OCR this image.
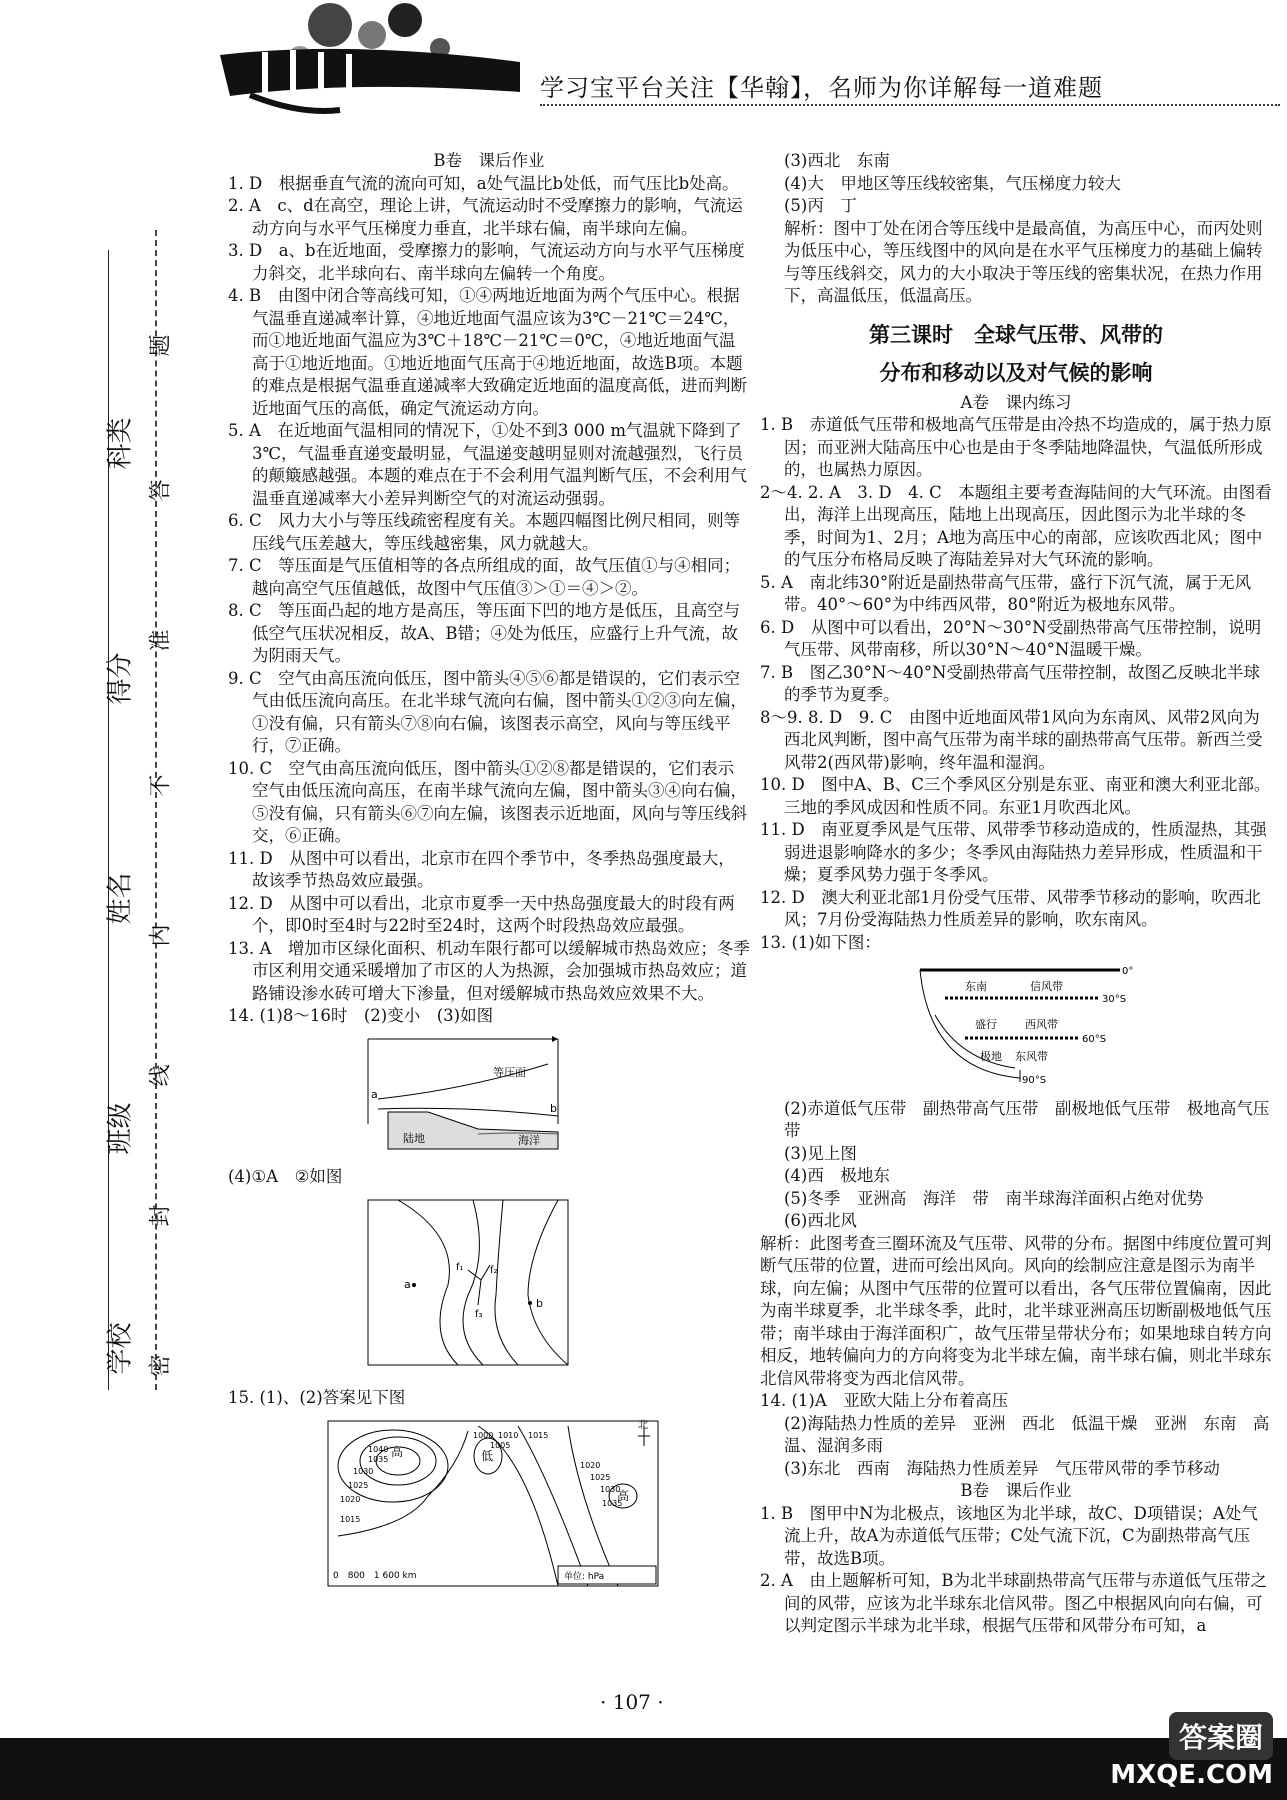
学习宝平台关注【华翰】，名师为你详解每一道难题
学校
班级
姓名
得分
科类
密
封
线
内
不
准
答
题

B卷　课后作业

1. D　根据垂直气流的流向可知，a处气温比b处低，而气压比b处高。

2. A　c、d在高空，理论上讲，气流运动时不受摩擦力的影响，气流运动方向与水平气压梯度力垂直，北半球右偏，南半球向左偏。

3. D　a、b在近地面，受摩擦力的影响，气流运动方向与水平气压梯度力斜交，北半球向右、南半球向左偏转一个角度。

4. B　由图中闭合等高线可知，①④两地近地面为两个气压中心。根据气温垂直递减率计算，④地近地面气温应该为3℃－21℃＝24℃，而①地近地面气温应为3℃＋18℃－21℃＝0℃，④地近地面气温高于①地近地面。①地近地面气压高于④地近地面，故选B项。本题的难点是根据气温垂直递减率大致确定近地面的温度高低，进而判断近地面气压的高低，确定气流运动方向。

5. A　在近地面气温相同的情况下，①处不到3 000 m气温就下降到了3℃，气温垂直递变最明显，气温递变越明显则对流越强烈，飞行员的颠簸感越强。本题的难点在于不会利用气温判断气压，不会利用气温垂直递减率大小差异判断空气的对流运动强弱。

6. C　风力大小与等压线疏密程度有关。本题四幅图比例尺相同，则等压线气压差越大，等压线越密集，风力就越大。

7. C　等压面是气压值相等的各点所组成的面，故气压值①与④相同；越向高空气压值越低，故图中气压值③＞①＝④＞②。

8. C　等压面凸起的地方是高压，等压面下凹的地方是低压，且高空与低空气压状况相反，故A、B错；④处为低压，应盛行上升气流，故为阴雨天气。

9. C　空气由高压流向低压，图中箭头④⑤⑥都是错误的，它们表示空气由低压流向高压。在北半球气流向右偏，图中箭头①②③向左偏，①没有偏，只有箭头⑦⑧向右偏，该图表示高空，风向与等压线平行，⑦正确。

10. C　空气由高压流向低压，图中箭头①②⑧都是错误的，它们表示空气由低压流向高压，在南半球气流向左偏，图中箭头③④向右偏，⑤没有偏，只有箭头⑥⑦向左偏，该图表示近地面，风向与等压线斜交，⑥正确。

11. D　从图中可以看出，北京市在四个季节中，冬季热岛强度最大，故该季节热岛效应最强。

12. D　从图中可以看出，北京市夏季一天中热岛强度最大的时段有两个，即0时至4时与22时至24时，这两个时段热岛效应最强。

13. A　增加市区绿化面积、机动车限行都可以缓解城市热岛效应；冬季市区利用交通采暖增加了市区的人为热源，会加强城市热岛效应；道路铺设渗水砖可增大下渗量，但对缓解城市热岛效应效果不大。

14. (1)8～16时　(2)变小　(3)如图

等压面
陆地	海洋
a
b

(4)①A　②如图

a
b
f₁	f₂
f₃

15. (1)、(2)答案见下图

高	低
高
北
0　800　1 600 km	单位: hPa
1040
1035
1030
1025
1020
1015
1000 1010 1015
1005
1020
1025
1030
1035

(3)西北　东南

(4)大　甲地区等压线较密集，气压梯度力较大

(5)丙　丁

解析：图中丁处在闭合等压线中是最高值，为高压中心，而丙处则为低压中心，等压线图中的风向是在水平气压梯度力的基础上偏转与等压线斜交，风力的大小取决于等压线的密集状况，在热力作用下，高温低压，低温高压。

第三课时　全球气压带、风带的

分布和移动以及对气候的影响

A卷　课内练习

1. B　赤道低气压带和极地高气压带是由冷热不均造成的，属于热力原因；而亚洲大陆高压中心也是由于冬季陆地降温快，气温低所形成的，也属热力原因。

2～4. 2. A　3. D　4. C　本题组主要考查海陆间的大气环流。由图看出，海洋上出现高压，陆地上出现高压，因此图示为北半球的冬季，时间为1、2月；A地为高压中心的南部，应该吹西北风；图中的气压分布格局反映了海陆差异对大气环流的影响。

5. A　南北纬30°附近是副热带高气压带，盛行下沉气流，属于无风带。40°～60°为中纬西风带，80°附近为极地东风带。

6. D　从图中可以看出，20°N～30°N受副热带高气压带控制，说明气压带、风带南移，所以30°N～40°N温暖干燥。

7. B　图乙30°N～40°N受副热带高气压带控制，故图乙反映北半球的季节为夏季。

8～9. 8. D　9. C　由图中近地面风带1风向为东南风、风带2风向为西北风判断，图中高气压带为南半球的副热带高气压带。新西兰受风带2(西风带)影响，终年温和湿润。

10. D　图中A、B、C三个季风区分别是东亚、南亚和澳大利亚北部。三地的季风成因和性质不同。东亚1月吹西北风。

11. D　南亚夏季风是气压带、风带季节移动造成的，性质湿热，其强弱进退影响降水的多少；冬季风由海陆热力差异形成，性质温和干燥；夏季风势力强于冬季风。

12. D　澳大利亚北部1月份受气压带、风带季节移动的影响，吹西北风；7月份受海陆热力性质差异的影响，吹东南风。

13. (1)如下图：

0°
30°S
60°S
90°S
东南	信风带
盛行	西风带
极地 东风带

(2)赤道低气压带　副热带高气压带　副极地低气压带　极地高气压带

(3)见上图

(4)西　极地东

(5)冬季　亚洲高　海洋　带　南半球海洋面积占绝对优势

(6)西北风

解析：此图考查三圈环流及气压带、风带的分布。据图中纬度位置可判断气压带的位置，进而可绘出风向。风向的绘制应注意是图示为南半球，向左偏；从图中气压带的位置可以看出，各气压带位置偏南，因此为南半球夏季，北半球冬季，此时，北半球亚洲高压切断副极地低气压带；南半球由于海洋面积广，故气压带呈带状分布；如果地球自转方向相反，地转偏向力的方向将变为北半球左偏，南半球右偏，则北半球东北信风带将变为西北信风带。

14. (1)A　亚欧大陆上分布着高压

(2)海陆热力性质的差异　亚洲　西北　低温干燥　亚洲　东南　高温、湿润多雨

(3)东北　西南　海陆热力性质差异　气压带风带的季节移动

B卷　课后作业

1. B　图甲中N为北极点，该地区为北半球，故C、D项错误；A处气流上升，故A为赤道低气压带；C处气流下沉，C为副热带高气压带，故选B项。

2. A　由上题解析可知，B为北半球副热带高气压带与赤道低气压带之间的风带，应该为北半球东北信风带。图乙中根据风向向右偏，可以判定图示半球为北半球，根据气压带和风带分布可知，a

· 107 ·
答案圈
MXQE.COM
